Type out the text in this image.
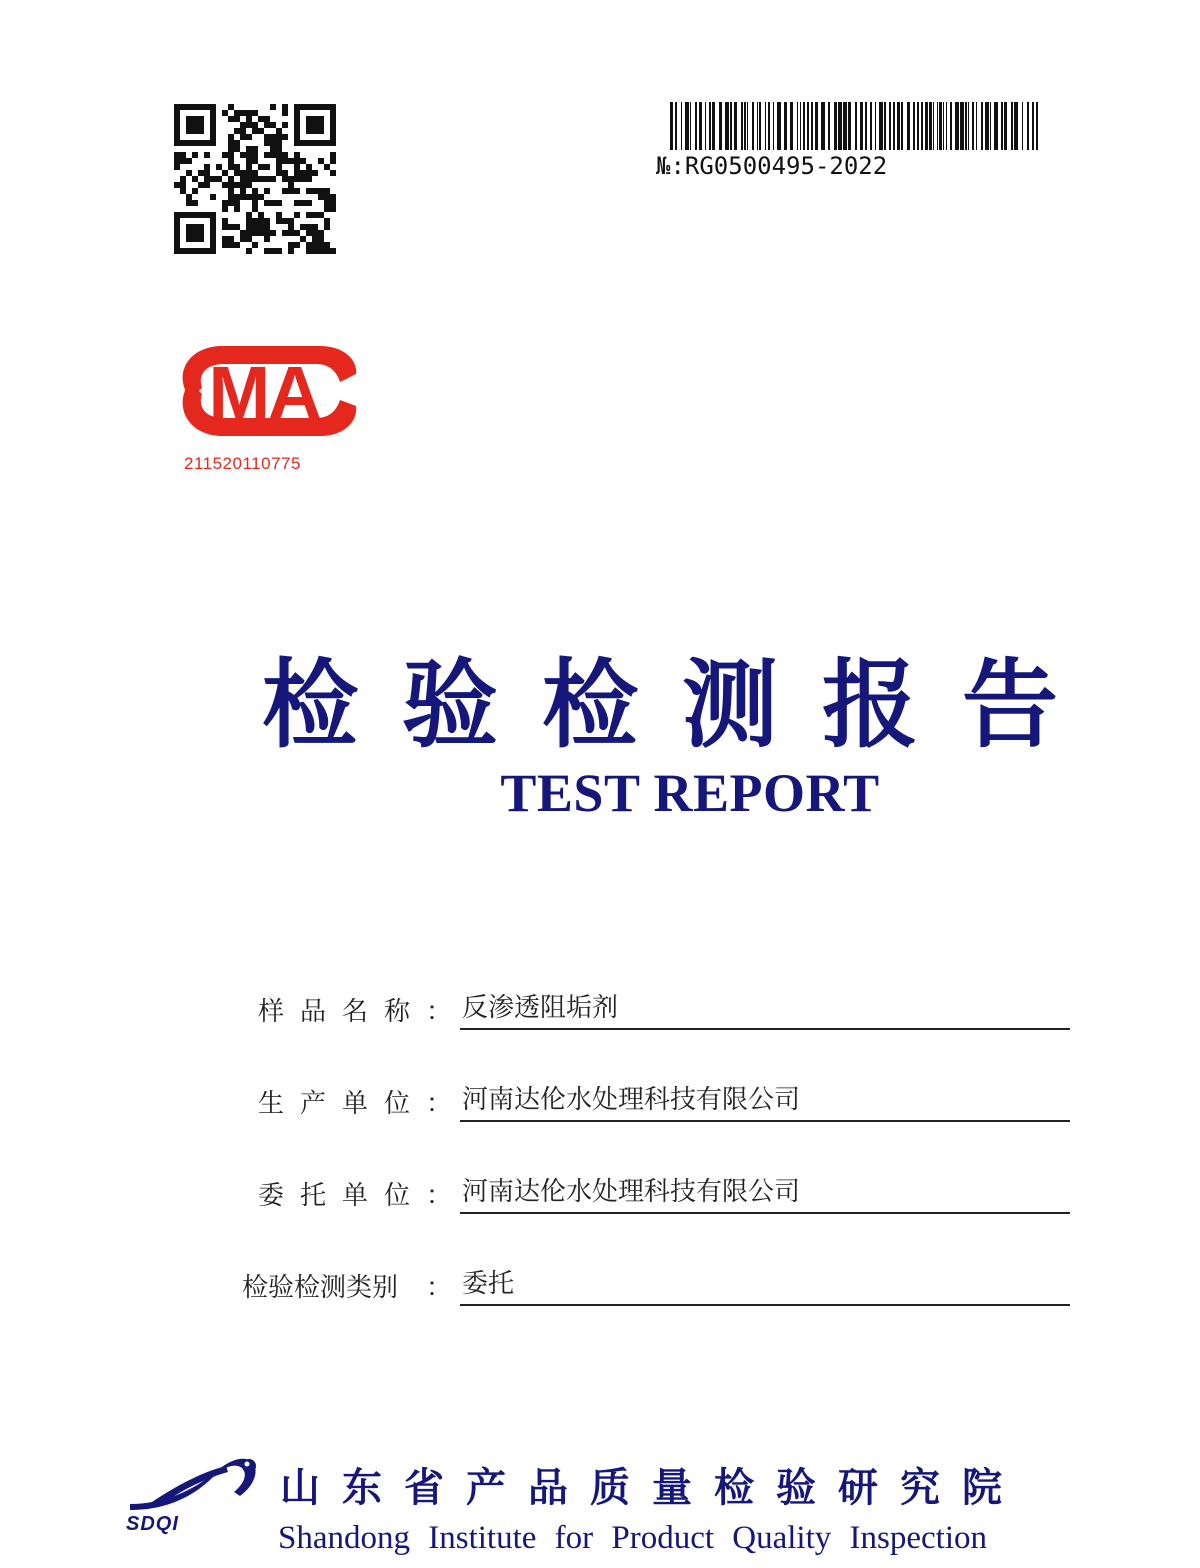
№:RG0500495-2022
MA
211520110775
检验检测报告
TEST REPORT
样品名称 ： 反渗透阻垢剂
生产单位 ： 河南达伦水处理科技有限公司
委托单位 ： 河南达伦水处理科技有限公司
检验检测类别	： 委托
SDQI
山东省产品质量检验研究院
Shandong Institute for Product Quality Inspection
